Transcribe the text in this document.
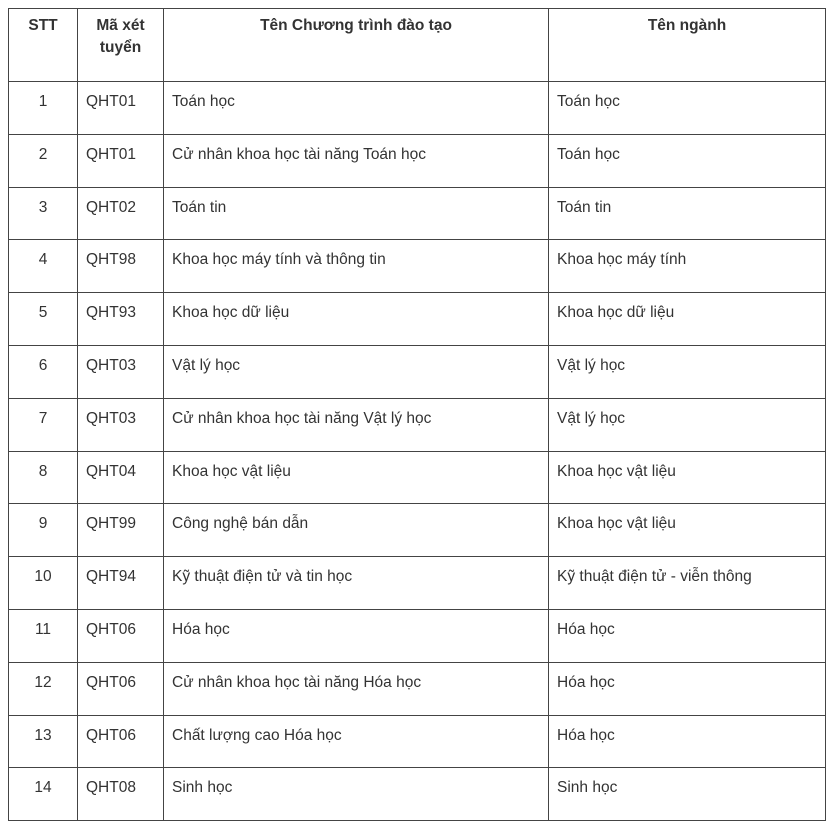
STT	Mã xét tuyển	Tên Chương trình đào tạo	Tên ngành
1	QHT01	Toán học	Toán học
2	QHT01	Cử nhân khoa học tài năng Toán học	Toán học
3	QHT02	Toán tin	Toán tin
4	QHT98	Khoa học máy tính và thông tin	Khoa học máy tính
5	QHT93	Khoa học dữ liệu	Khoa học dữ liệu
6	QHT03	Vật lý học	Vật lý học
7	QHT03	Cử nhân khoa học tài năng Vật lý học	Vật lý học
8	QHT04	Khoa học vật liệu	Khoa học vật liệu
9	QHT99	Công nghệ bán dẫn	Khoa học vật liệu
10	QHT94	Kỹ thuật điện tử và tin học	Kỹ thuật điện tử - viễn thông
11	QHT06	Hóa học	Hóa học
12	QHT06	Cử nhân khoa học tài năng Hóa học	Hóa học
13	QHT06	Chất lượng cao Hóa học	Hóa học
14	QHT08	Sinh học	Sinh học
